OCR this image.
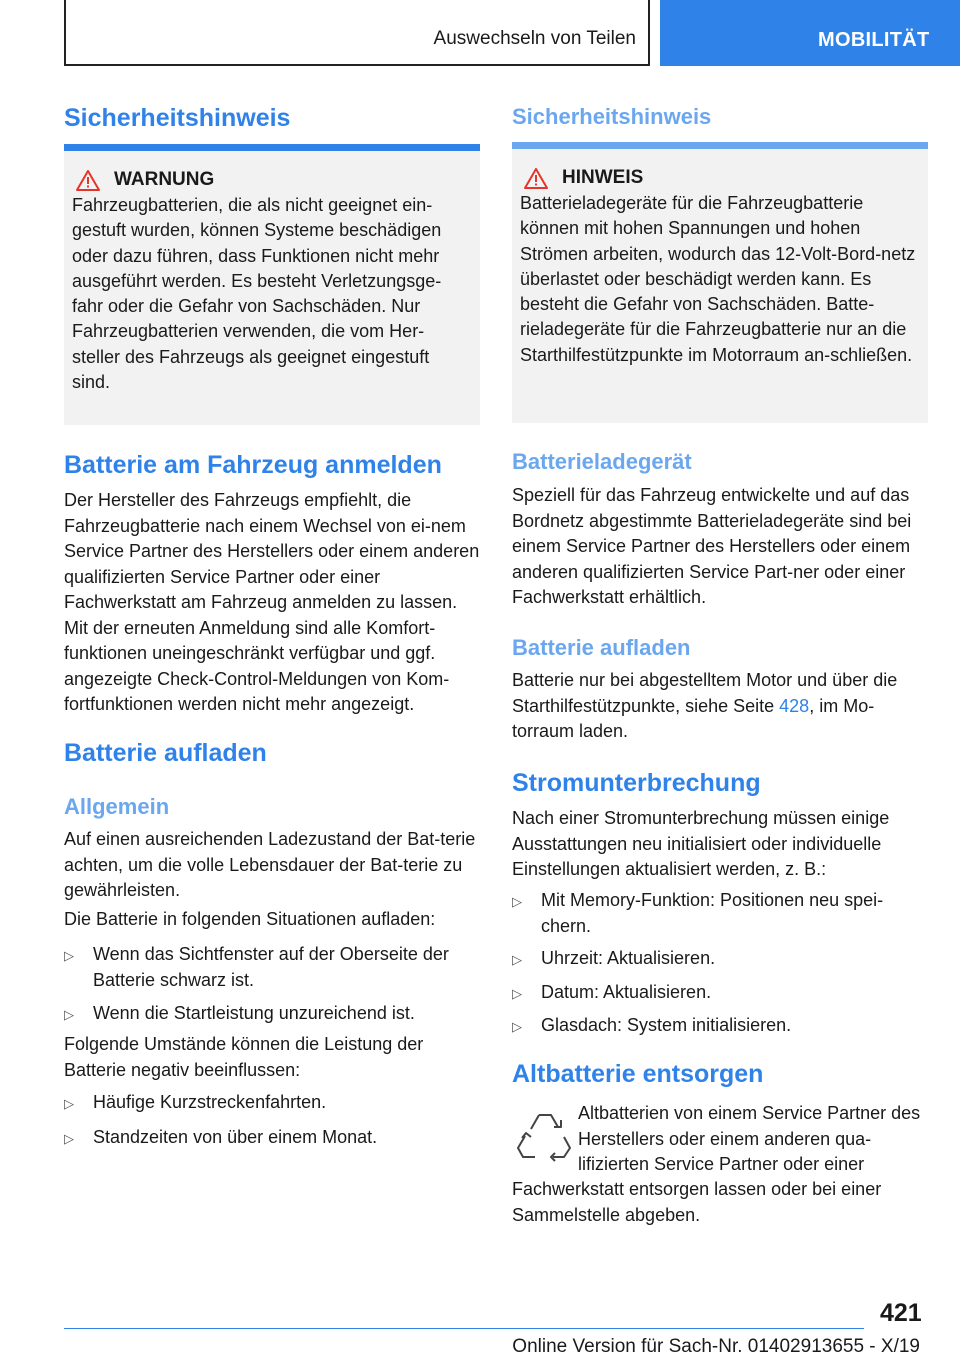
Auswechseln von Teilen	MOBILITÄT
Sicherheitshinweis
WARNUNG
Fahrzeugbatterien, die als nicht geeignet ein-gestuft wurden, können Systeme beschädigen oder dazu führen, dass Funktionen nicht mehr ausgeführt werden. Es besteht Verletzungsge-fahr oder die Gefahr von Sachschäden. Nur Fahrzeugbatterien verwenden, die vom Her-steller des Fahrzeugs als geeignet eingestuft sind.
Batterie am Fahrzeug anmelden
Der Hersteller des Fahrzeugs empfiehlt, die Fahrzeugbatterie nach einem Wechsel von ei-nem Service Partner des Herstellers oder einem anderen qualifizierten Service Partner oder einer Fachwerkstatt am Fahrzeug anmelden zu lassen. Mit der erneuten Anmeldung sind alle Komfort-funktionen uneingeschränkt verfügbar und ggf. angezeigte Check-Control-Meldungen von Kom-fortfunktionen werden nicht mehr angezeigt.
Batterie aufladen
Allgemein
Auf einen ausreichenden Ladezustand der Bat-terie achten, um die volle Lebensdauer der Bat-terie zu gewährleisten.
Die Batterie in folgenden Situationen aufladen:
▷	Wenn das Sichtfenster auf der Oberseite der Batterie schwarz ist.
▷	Wenn die Startleistung unzureichend ist.
Folgende Umstände können die Leistung der Batterie negativ beeinflussen:
▷	Häufige Kurzstreckenfahrten.
▷	Standzeiten von über einem Monat.
Sicherheitshinweis
HINWEIS
Batterieladegeräte für die Fahrzeugbatterie können mit hohen Spannungen und hohen Strömen arbeiten, wodurch das 12-Volt-Bord-netz überlastet oder beschädigt werden kann. Es besteht die Gefahr von Sachschäden. Batte-rieladegeräte für die Fahrzeugbatterie nur an die Starthilfestützpunkte im Motorraum an-schließen.
Batterieladegerät
Speziell für das Fahrzeug entwickelte und auf das Bordnetz abgestimmte Batterieladegeräte sind bei einem Service Partner des Herstellers oder einem anderen qualifizierten Service Part-ner oder einer Fachwerkstatt erhältlich.
Batterie aufladen
Batterie nur bei abgestelltem Motor und über die Starthilfestützpunkte, siehe Seite 428, im Mo-torraum laden.
Stromunterbrechung
Nach einer Stromunterbrechung müssen einige Ausstattungen neu initialisiert oder individuelle Einstellungen aktualisiert werden, z. B.:
▷	Mit Memory-Funktion: Positionen neu spei-chern.
▷	Uhrzeit: Aktualisieren.
▷	Datum: Aktualisieren.
▷	Glasdach: System initialisieren.
Altbatterie entsorgen
Altbatterien von einem Service Partner des Herstellers oder einem anderen qua-lifizierten Service Partner oder einer
Fachwerkstatt entsorgen lassen oder bei einer Sammelstelle abgeben.
421
Online Version für Sach-Nr. 01402913655 - X/19
